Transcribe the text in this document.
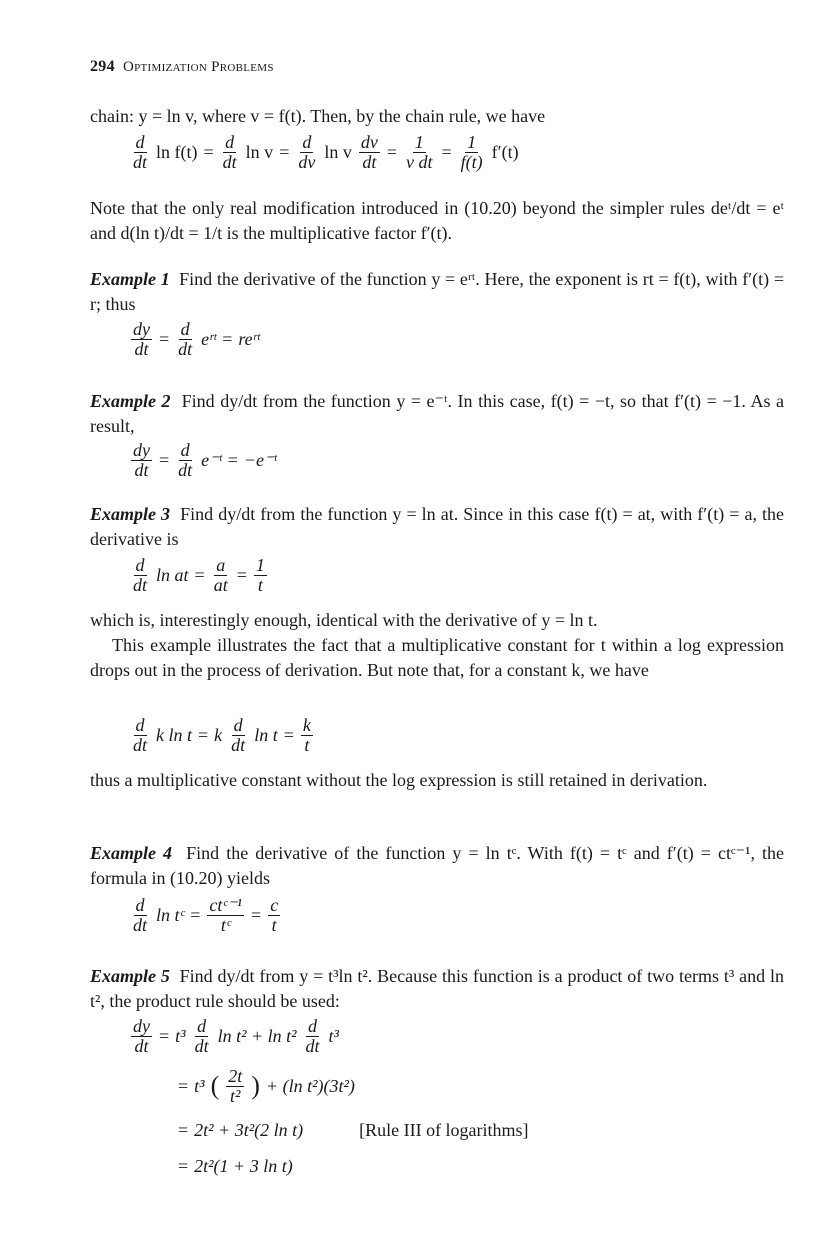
294 Optimization Problems

chain: y = ln v, where v = f(t). Then, by the chain rule, we have

$\frac{d}{dt}$ $\ln f(t) = \frac{d}{dt}$ $\ln v = \frac{d}{dv}$ ln v $\frac{dv}{dt} = \frac{1}{\text{v dt}} = \frac{1}{f(t)} f'(t)$

Note that the only real modification introduced in (10.20) beyond the simpler rules deᵗ/dt = eᵗ and d(ln t)/dt = 1/t is the multiplicative factor f′(t).

Example 1 Find the derivative of the function y = eʳᵗ. Here, the exponent is rt = f(t), with f′(t) = r; thus

$\frac{dy}{dt} = \frac{d}{dt}$ eʳᵗ = reʳᵗ

Example 2 Find dy/dt from the function y = e⁻ᵗ. In this case, f(t) = −t, so that f′(t) = −1. As a result,

$\frac{dy}{dt} = \frac{d}{dt}$ e⁻ᵗ = −e⁻ᵗ

Example 3 Find dy/dt from the function y = ln at. Since in this case f(t) = at, with f′(t) = a, the derivative is

$\frac{d}{dt}$ ln at = $\frac{a}{at} = \frac{1}{t}$

which is, interestingly enough, identical with the derivative of y = ln t.

This example illustrates the fact that a multiplicative constant for t within a log expression drops out in the process of derivation. But note that, for a constant k, we have

$\frac{d}{dt}$ k ln t = k $\frac{d}{dt}$ $\ln t = \frac{k}{t}$

thus a multiplicative constant without the log expression is still retained in derivation.

Example 4 Find the derivative of the function y = ln tᶜ. With f(t) = tᶜ and f′(t) = ctᶜ⁻¹, the formula in (10.20) yields

$\frac{d}{dt}$ ln tᶜ = $\frac{\text{ctᶜ⁻¹}}{\text{tᶜ}} = \frac{c}{t}$

Example 5 Find dy/dt from y = t³ln t². Because this function is a product of two terms t³ and ln t², the product rule should be used:

$\frac{dy}{dt} = t^3 \frac{d}{dt}$ $\ln t^2 + \ln t^2 \frac{d}{dt} t^3$
= t³ ( $\frac{2t}{\text{t²}}$ ) + (ln t²)(3t²)
= 2t² + 3t²(2 ln t)	[Rule III of logarithms]
= 2t²(1 + 3 ln t)
